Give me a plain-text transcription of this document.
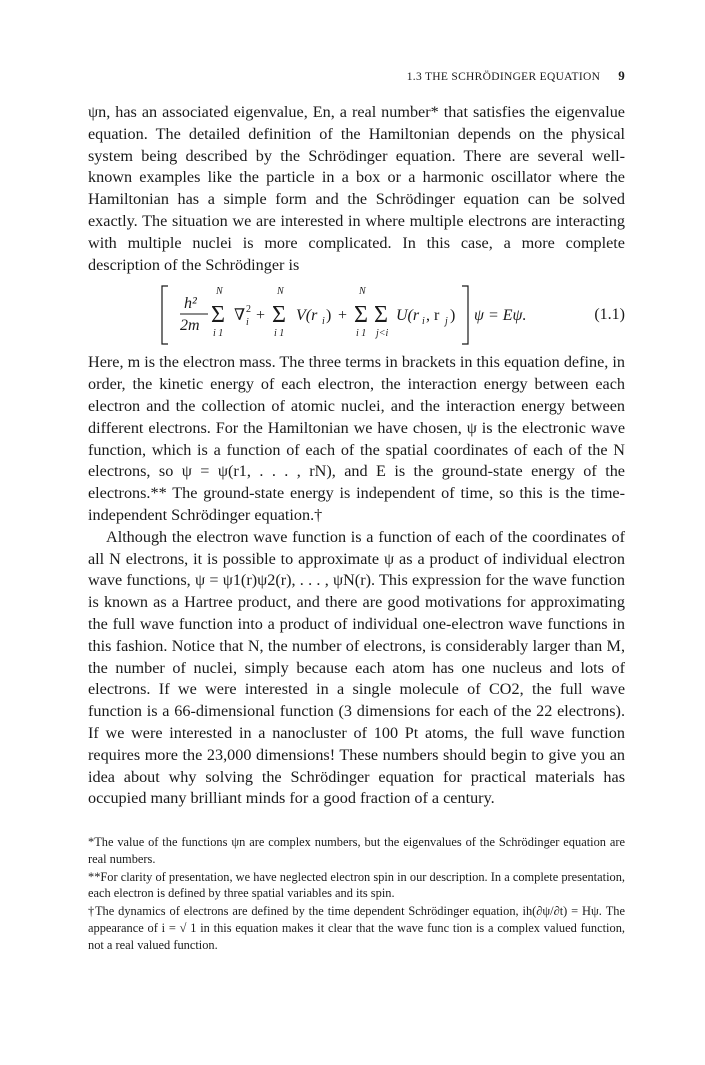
1.3 THE SCHRÖDINGER EQUATION 9

ψn, has an associated eigenvalue, En, a real number* that satisfies the eigenvalue equation. The detailed definition of the Hamiltonian depends on the physical system being described by the Schrödinger equation. There are several well-known examples like the particle in a box or a harmonic oscillator where the Hamiltonian has a simple form and the Schrödinger equation can be solved exactly. The situation we are interested in where multiple electrons are interacting with multiple nuclei is more complicated. In this case, a more complete description of the Schrödinger is

h²
2m
N
Σ
i 1
∇ 2
i +
N
Σ
i 1
V(r i ) +
N
Σ
i 1
Σ
j<i
U(r i , r j ) ψ = Eψ.	(1.1)

Here, m is the electron mass. The three terms in brackets in this equation define, in order, the kinetic energy of each electron, the interaction energy between each electron and the collection of atomic nuclei, and the interaction energy between different electrons. For the Hamiltonian we have chosen, ψ is the electronic wave function, which is a function of each of the spatial coordinates of each of the N electrons, so ψ = ψ(r1, . . . , rN), and E is the ground-state energy of the electrons.** The ground-state energy is independent of time, so this is the time-independent Schrödinger equation.†

Although the electron wave function is a function of each of the coordinates of all N electrons, it is possible to approximate ψ as a product of individual electron wave functions, ψ = ψ1(r)ψ2(r), . . . , ψN(r). This expression for the wave function is known as a Hartree product, and there are good motivations for approximating the full wave function into a product of individual one-electron wave functions in this fashion. Notice that N, the number of electrons, is considerably larger than M, the number of nuclei, simply because each atom has one nucleus and lots of electrons. If we were interested in a single molecule of CO2, the full wave function is a 66-dimensional function (3 dimensions for each of the 22 electrons). If we were interested in a nanocluster of 100 Pt atoms, the full wave function requires more the 23,000 dimensions! These numbers should begin to give you an idea about why solving the Schrödinger equation for practical materials has occupied many brilliant minds for a good fraction of a century.

*The value of the functions ψn are complex numbers, but the eigenvalues of the Schrödinger equation are real numbers.

**For clarity of presentation, we have neglected electron spin in our description. In a complete presentation, each electron is defined by three spatial variables and its spin.

†The dynamics of electrons are defined by the time dependent Schrödinger equation, ih(∂ψ/∂t) = Hψ. The appearance of i = √ 1 in this equation makes it clear that the wave func tion is a complex valued function, not a real valued function.
